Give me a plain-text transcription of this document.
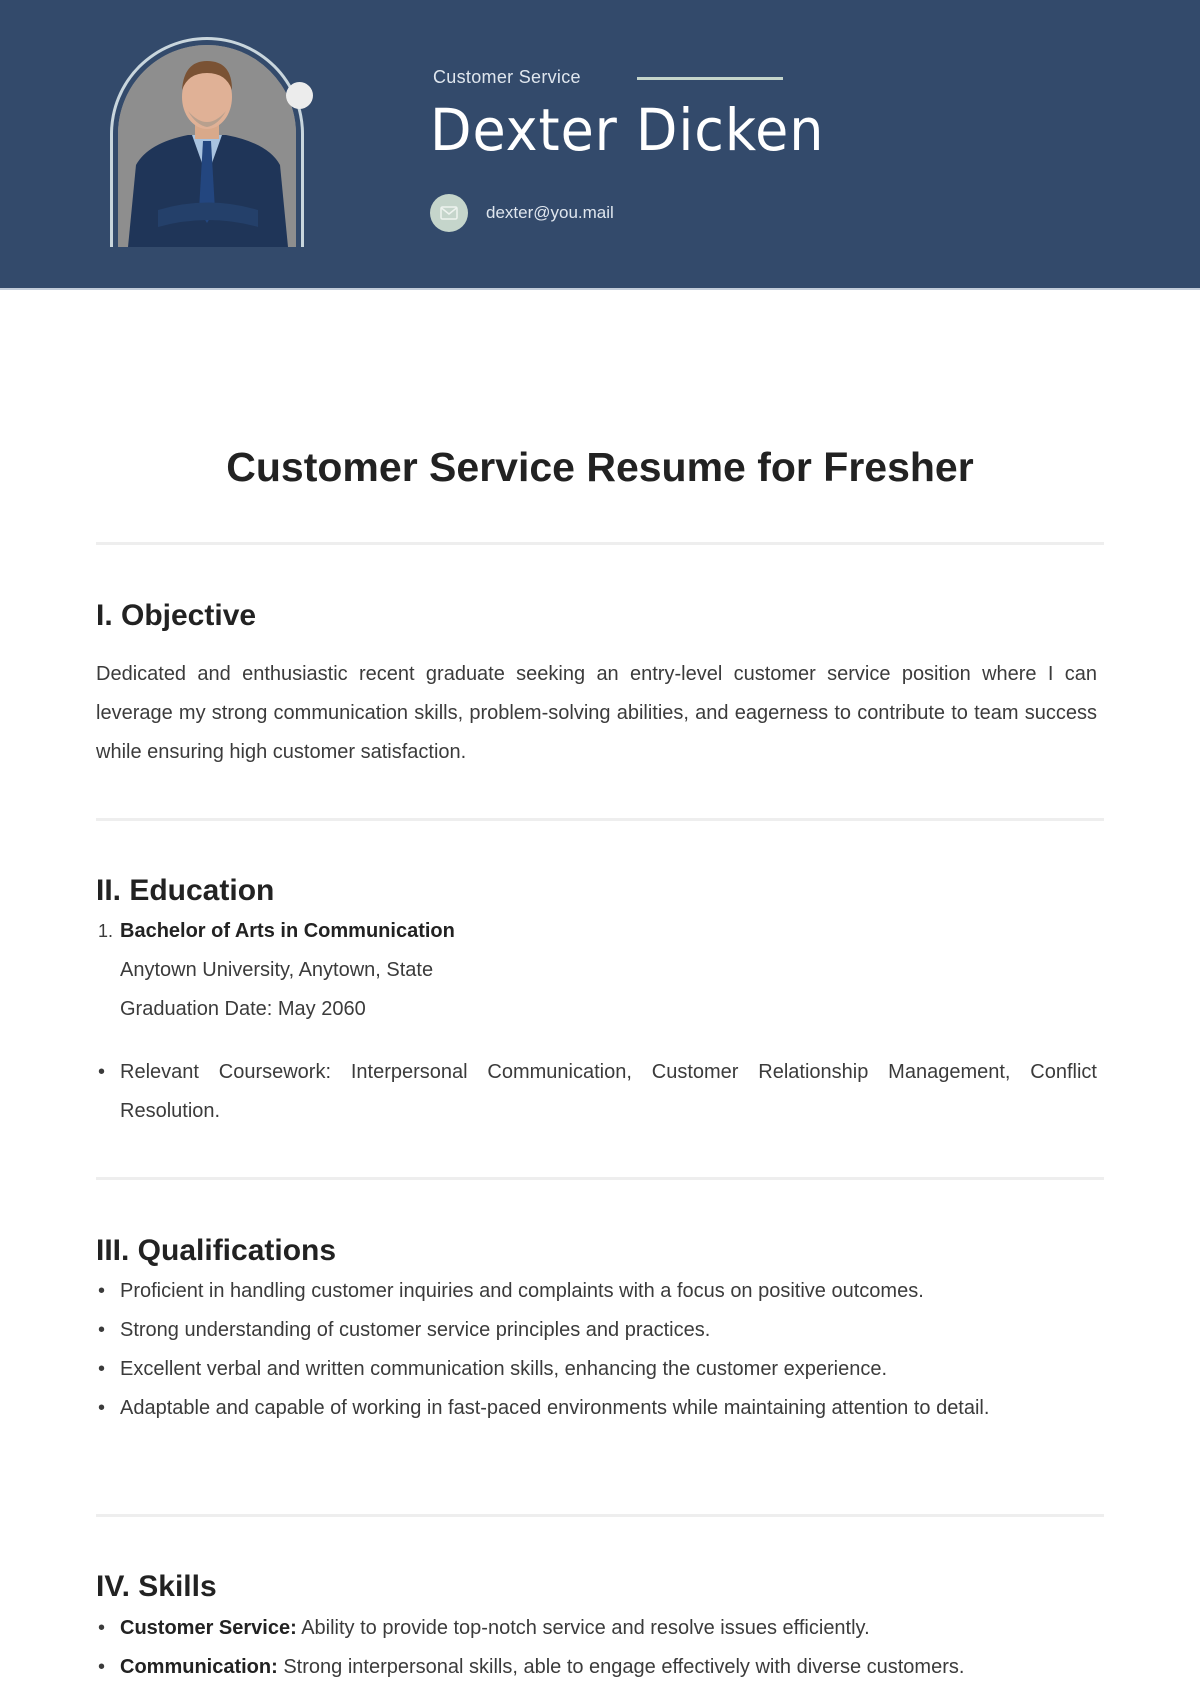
Customer Service
Dexter Dicken
dexter@you.mail
Customer Service Resume for Fresher
I. Objective
Dedicated and enthusiastic recent graduate seeking an entry-level customer service position where I can leverage my strong communication skills, problem-solving abilities, and eagerness to contribute to team success while ensuring high customer satisfaction.
II. Education
1. Bachelor of Arts in Communication
Anytown University, Anytown, State
Graduation Date: May 2060
•
Relevant Coursework: Interpersonal Communication, Customer Relationship Management, Conflict Resolution.
III. Qualifications
•
Proficient in handling customer inquiries and complaints with a focus on positive outcomes.
•
Strong understanding of customer service principles and practices.
•
Excellent verbal and written communication skills, enhancing the customer experience.
•
Adaptable and capable of working in fast-paced environments while maintaining attention to detail.
IV. Skills
•
Customer Service: Ability to provide top-notch service and resolve issues efficiently.
•
Communication: Strong interpersonal skills, able to engage effectively with diverse customers.
